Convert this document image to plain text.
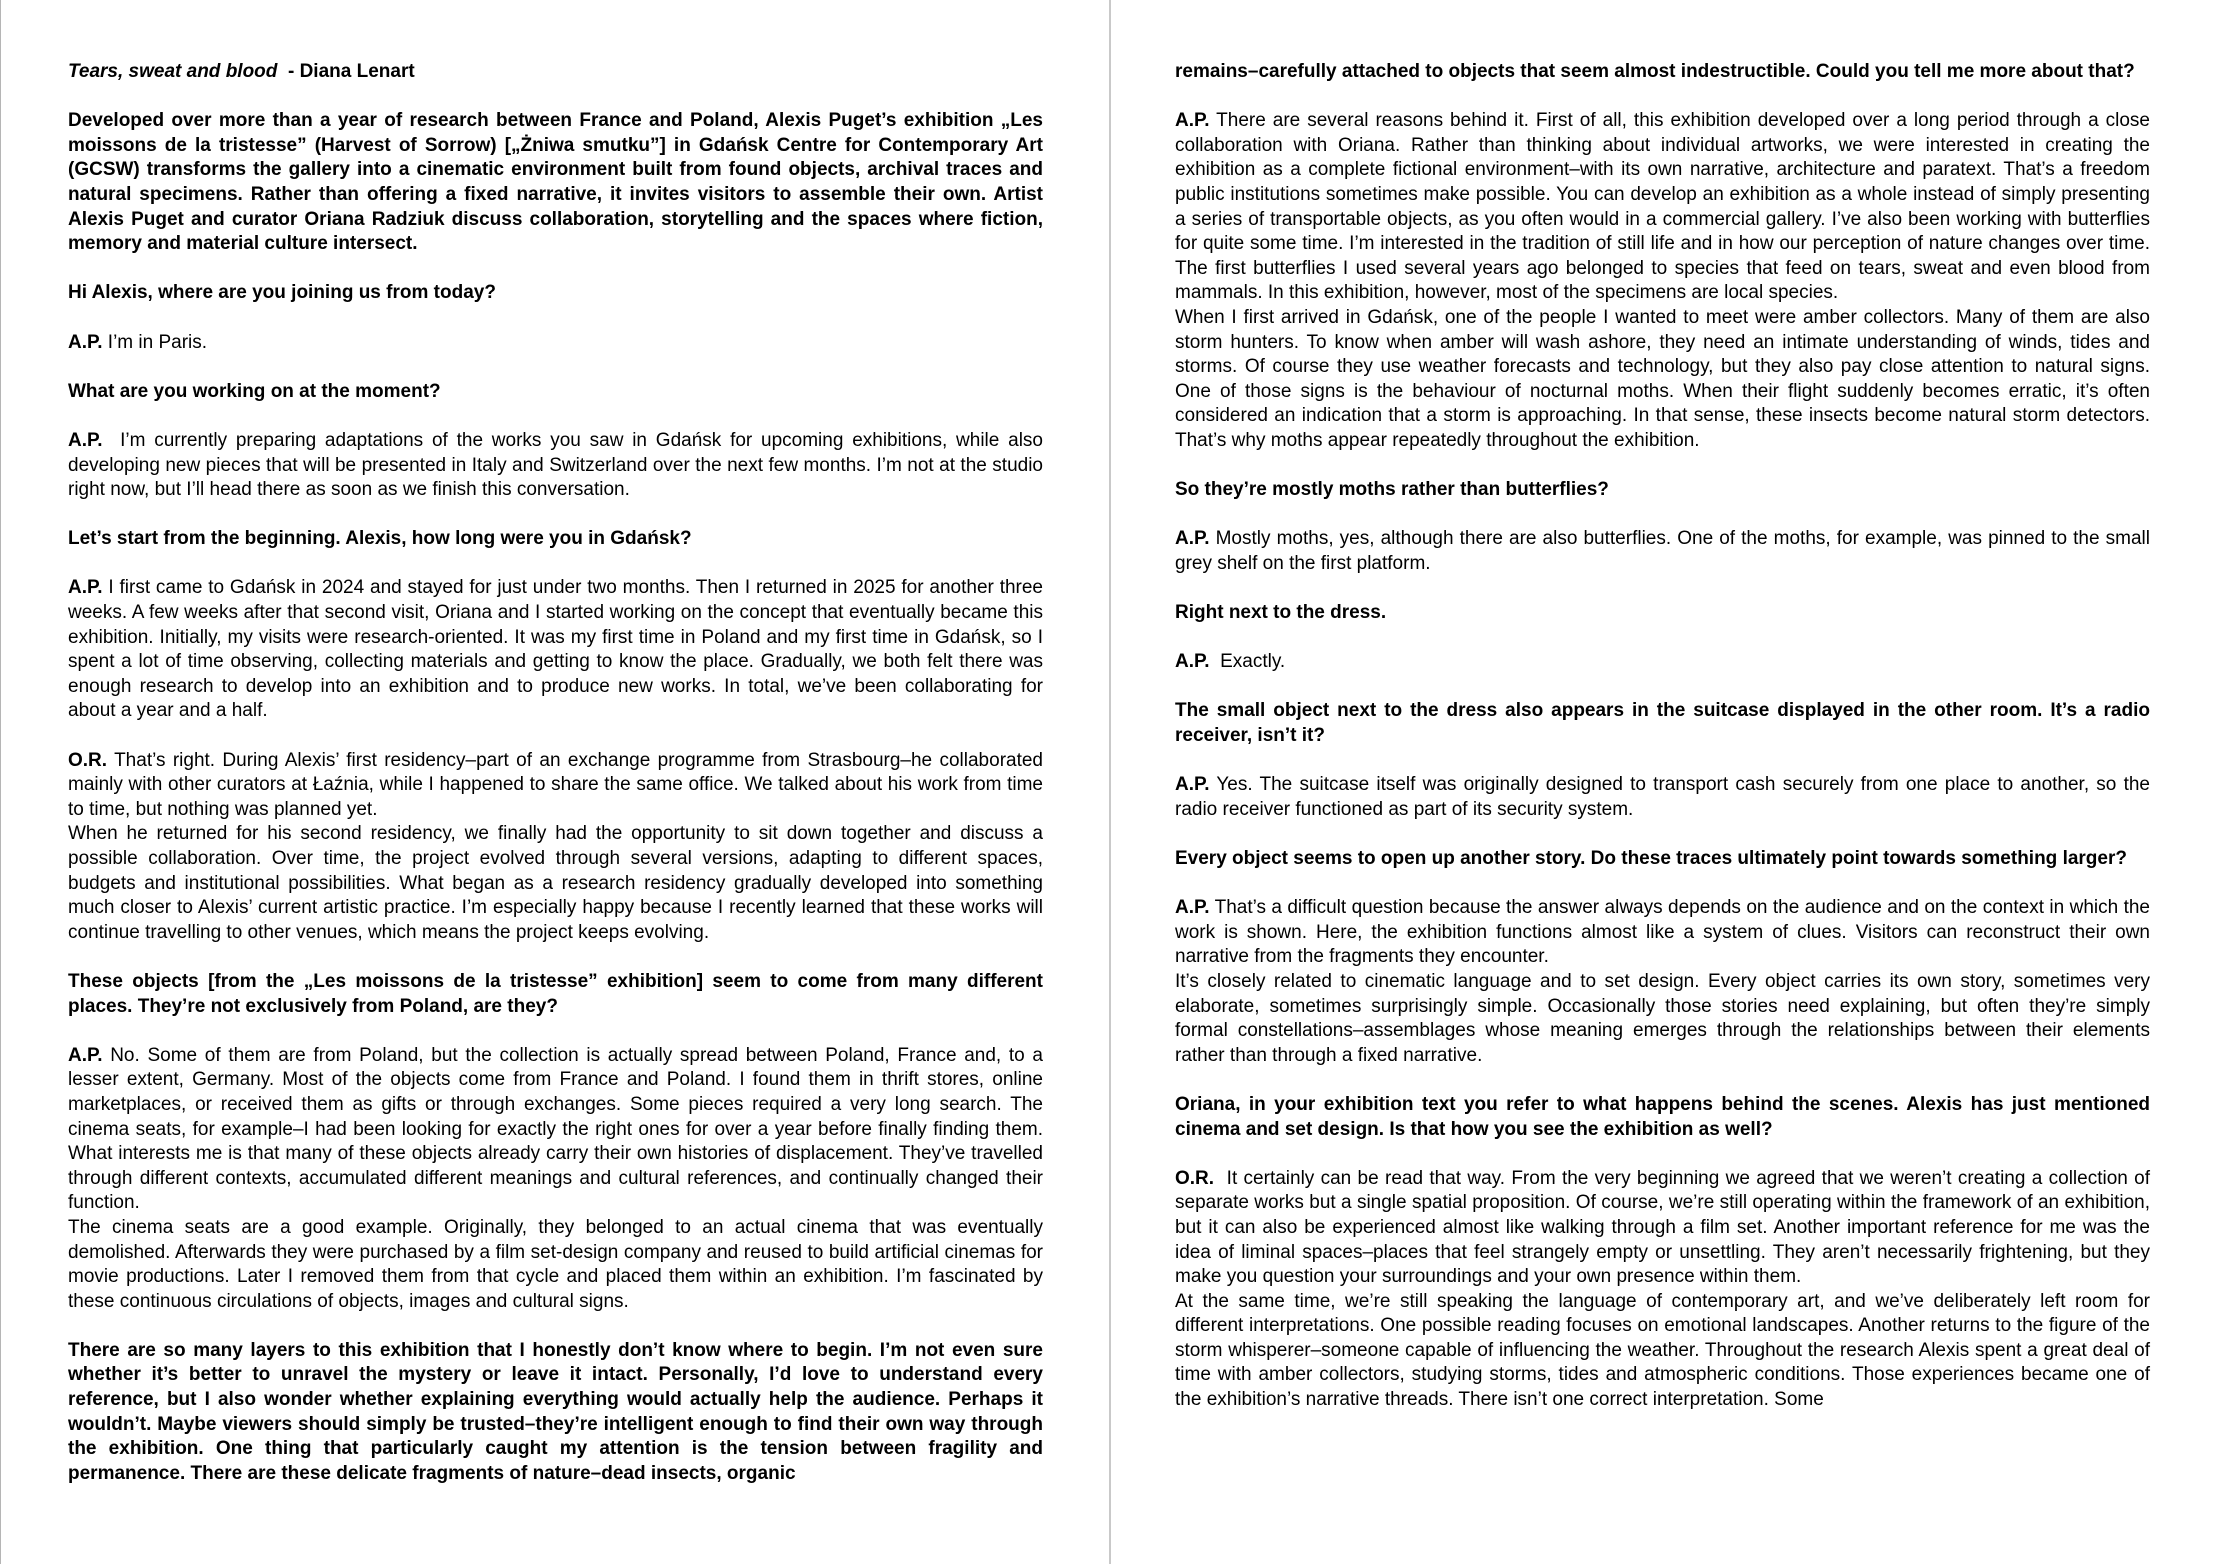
Tears, sweat and blood  - Diana Lenart

Developed over more than a year of research between France and Poland, Alexis Puget’s exhibition „Les moissons de la tristesse” (Harvest of Sorrow) [„Żniwa smutku”] in Gdańsk Centre for Contemporary Art (GCSW) transforms the gallery into a cinematic environment built from found objects, archival traces and natural specimens. Rather than offering a fixed narrative, it invites visitors to assemble their own. Artist Alexis Puget and curator Oriana Radziuk discuss collaboration, storytelling and the spaces where fiction, memory and material culture intersect.

Hi Alexis, where are you joining us from today?

A.P. I’m in Paris.

What are you working on at the moment?

A.P.  I’m currently preparing adaptations of the works you saw in Gdańsk for upcoming exhibitions, while also developing new pieces that will be presented in Italy and Switzerland over the next few months. I’m not at the studio right now, but I’ll head there as soon as we finish this conversation.

Let’s start from the beginning. Alexis, how long were you in Gdańsk?

A.P. I first came to Gdańsk in 2024 and stayed for just under two months. Then I returned in 2025 for another three weeks. A few weeks after that second visit, Oriana and I started working on the concept that eventually became this exhibition. Initially, my visits were research-oriented. It was my first time in Poland and my first time in Gdańsk, so I spent a lot of time observing, collecting materials and getting to know the place. Gradually, we both felt there was enough research to develop into an exhibition and to produce new works. In total, we’ve been collaborating for about a year and a half.

O.R. That’s right. During Alexis’ first residency–part of an exchange programme from Strasbourg–he collaborated mainly with other curators at Łaźnia, while I happened to share the same office. We talked about his work from time to time, but nothing was planned yet.

When he returned for his second residency, we finally had the opportunity to sit down together and discuss a possible collaboration. Over time, the project evolved through several versions, adapting to different spaces, budgets and institutional possibilities. What began as a research residency gradually developed into something much closer to Alexis’ current artistic practice. I’m especially happy because I recently learned that these works will continue travelling to other venues, which means the project keeps evolving.

These objects [from the „Les moissons de la tristesse” exhibition] seem to come from many different places. They’re not exclusively from Poland, are they?

A.P. No. Some of them are from Poland, but the collection is actually spread between Poland, France and, to a lesser extent, Germany. Most of the objects come from France and Poland. I found them in thrift stores, online marketplaces, or received them as gifts or through exchanges. Some pieces required a very long search. The cinema seats, for example–I had been looking for exactly the right ones for over a year before finally finding them. What interests me is that many of these objects already carry their own histories of displacement. They’ve travelled through different contexts, accumulated different meanings and cultural references, and continually changed their function.

The cinema seats are a good example. Originally, they belonged to an actual cinema that was eventually demolished. Afterwards they were purchased by a film set-design company and reused to build artificial cinemas for movie productions. Later I removed them from that cycle and placed them within an exhibition. I’m fascinated by these continuous circulations of objects, images and cultural signs.

There are so many layers to this exhibition that I honestly don’t know where to begin. I’m not even sure whether it’s better to unravel the mystery or leave it intact. Personally, I’d love to understand every reference, but I also wonder whether explaining everything would actually help the audience. Perhaps it wouldn’t. Maybe viewers should simply be trusted–they’re intelligent enough to find their own way through the exhibition. One thing that particularly caught my attention is the tension between fragility and permanence. There are these delicate fragments of nature–dead insects, organic

remains–carefully attached to objects that seem almost indestructible. Could you tell me more about that?

A.P. There are several reasons behind it. First of all, this exhibition developed over a long period through a close collaboration with Oriana. Rather than thinking about individual artworks, we were interested in creating the exhibition as a complete fictional environment–with its own narrative, architecture and paratext. That’s a freedom public institutions sometimes make possible. You can develop an exhibition as a whole instead of simply presenting a series of transportable objects, as you often would in a commercial gallery. I’ve also been working with butterflies for quite some time. I’m interested in the tradition of still life and in how our perception of nature changes over time. The first butterflies I used several years ago belonged to species that feed on tears, sweat and even blood from mammals. In this exhibition, however, most of the specimens are local species.

When I first arrived in Gdańsk, one of the people I wanted to meet were amber collectors. Many of them are also storm hunters. To know when amber will wash ashore, they need an intimate understanding of winds, tides and storms. Of course they use weather forecasts and technology, but they also pay close attention to natural signs. One of those signs is the behaviour of nocturnal moths. When their flight suddenly becomes erratic, it’s often considered an indication that a storm is approaching. In that sense, these insects become natural storm detectors. That’s why moths appear repeatedly throughout the exhibition.

So they’re mostly moths rather than butterflies?

A.P. Mostly moths, yes, although there are also butterflies. One of the moths, for example, was pinned to the small grey shelf on the first platform.

Right next to the dress.

A.P.  Exactly.

The small object next to the dress also appears in the suitcase displayed in the other room. It’s a radio receiver, isn’t it?

A.P. Yes. The suitcase itself was originally designed to transport cash securely from one place to another, so the radio receiver functioned as part of its security system.

Every object seems to open up another story. Do these traces ultimately point towards something larger?

A.P. That’s a difficult question because the answer always depends on the audience and on the context in which the work is shown. Here, the exhibition functions almost like a system of clues. Visitors can reconstruct their own narrative from the fragments they encounter.

It’s closely related to cinematic language and to set design. Every object carries its own story, sometimes very elaborate, sometimes surprisingly simple. Occasionally those stories need explaining, but often they’re simply formal constellations–assemblages whose meaning emerges through the relationships between their elements rather than through a fixed narrative.

Oriana, in your exhibition text you refer to what happens behind the scenes. Alexis has just mentioned cinema and set design. Is that how you see the exhibition as well?

O.R.  It certainly can be read that way. From the very beginning we agreed that we weren’t creating a collection of separate works but a single spatial proposition. Of course, we’re still operating within the framework of an exhibition, but it can also be experienced almost like walking through a film set. Another important reference for me was the idea of liminal spaces–places that feel strangely empty or unsettling. They aren’t necessarily frightening, but they make you question your surroundings and your own presence within them.

At the same time, we’re still speaking the language of contemporary art, and we’ve deliberately left room for different interpretations. One possible reading focuses on emotional landscapes. Another returns to the figure of the storm whisperer–someone capable of influencing the weather. Throughout the research Alexis spent a great deal of time with amber collectors, studying storms, tides and atmospheric conditions. Those experiences became one of the exhibition’s narrative threads. There isn’t one correct interpretation. Some
